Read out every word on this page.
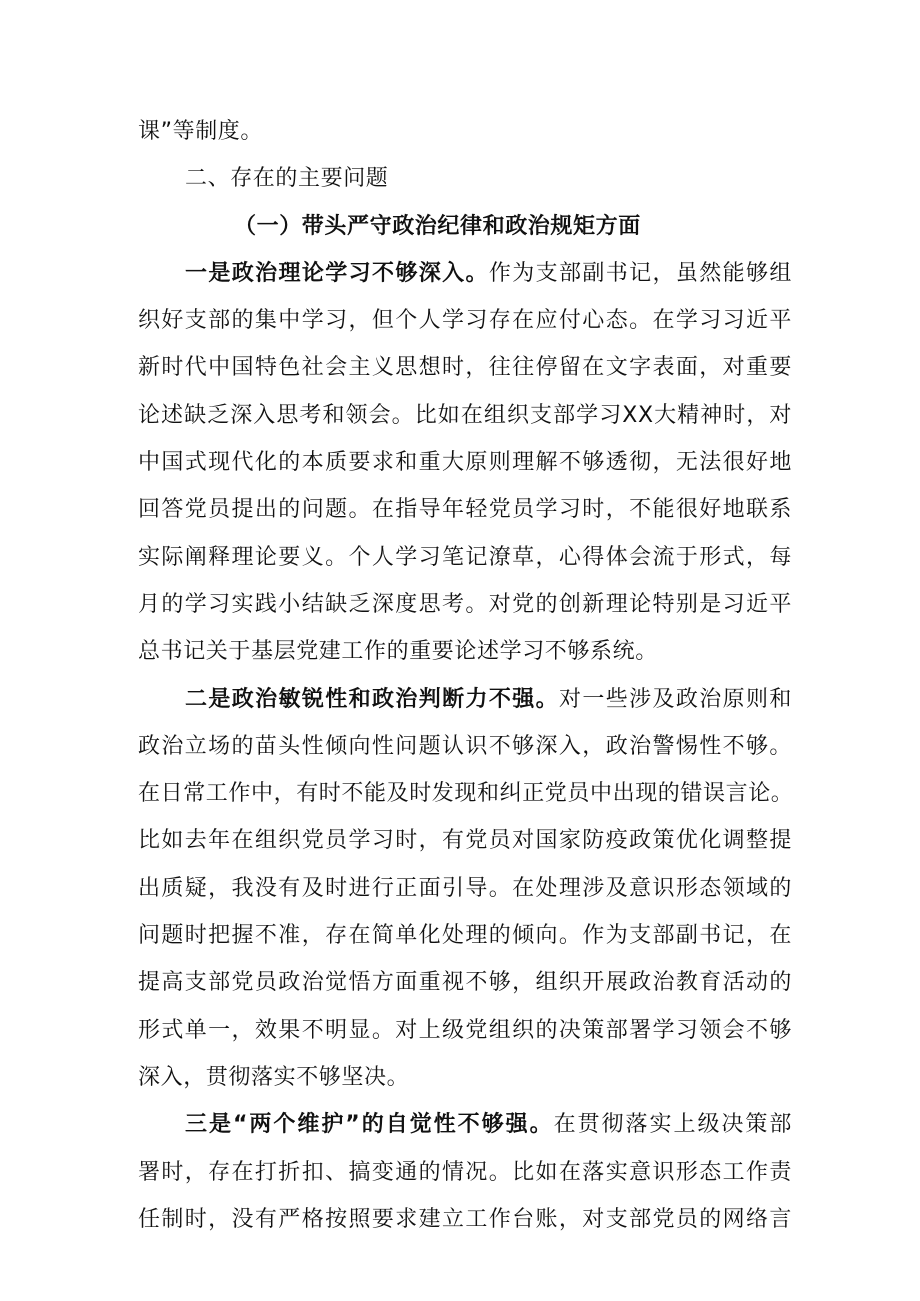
课”等制度。
二、存在的主要问题
（一）带头严守政治纪律和政治规矩方面
一是政治理论学习不够深入。作为支部副书记，虽然能够组
织好支部的集中学习，但个人学习存在应付心态。在学习习近平
新时代中国特色社会主义思想时，往往停留在文字表面，对重要
论述缺乏深入思考和领会。比如在组织支部学习XX大精神时，对
中国式现代化的本质要求和重大原则理解不够透彻，无法很好地
回答党员提出的问题。在指导年轻党员学习时，不能很好地联系
实际阐释理论要义。个人学习笔记潦草，心得体会流于形式，每
月的学习实践小结缺乏深度思考。对党的创新理论特别是习近平
总书记关于基层党建工作的重要论述学习不够系统。
二是政治敏锐性和政治判断力不强。对一些涉及政治原则和
政治立场的苗头性倾向性问题认识不够深入，政治警惕性不够。
在日常工作中，有时不能及时发现和纠正党员中出现的错误言论。
比如去年在组织党员学习时，有党员对国家防疫政策优化调整提
出质疑，我没有及时进行正面引导。在处理涉及意识形态领域的
问题时把握不准，存在简单化处理的倾向。作为支部副书记，在
提高支部党员政治觉悟方面重视不够，组织开展政治教育活动的
形式单一，效果不明显。对上级党组织的决策部署学习领会不够
深入，贯彻落实不够坚决。
三是“两个维护”的自觉性不够强。在贯彻落实上级决策部
署时，存在打折扣、搞变通的情况。比如在落实意识形态工作责
任制时，没有严格按照要求建立工作台账，对支部党员的网络言
